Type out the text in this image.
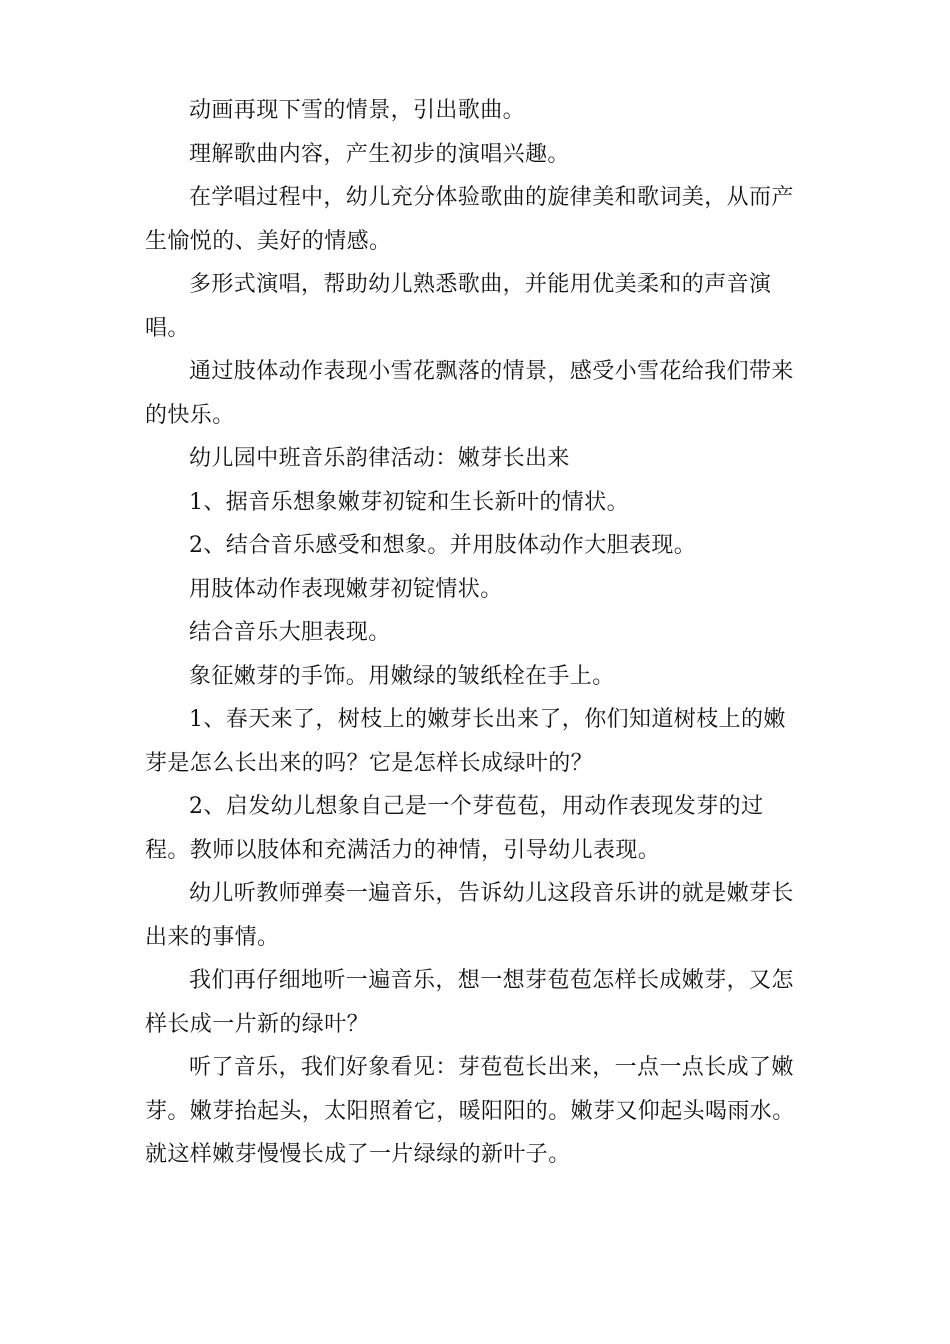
动画再现下雪的情景，引出歌曲。

理解歌曲内容，产生初步的演唱兴趣。

在学唱过程中，幼儿充分体验歌曲的旋律美和歌词美，从而产生愉悦的、美好的情感。

多形式演唱，帮助幼儿熟悉歌曲，并能用优美柔和的声音演唱。

通过肢体动作表现小雪花飘落的情景，感受小雪花给我们带来的快乐。

幼儿园中班音乐韵律活动：嫩芽长出来

1、据音乐想象嫩芽初锭和生长新叶的情状。

2、结合音乐感受和想象。并用肢体动作大胆表现。

用肢体动作表现嫩芽初锭情状。

结合音乐大胆表现。

象征嫩芽的手饰。用嫩绿的皱纸栓在手上。

1、春天来了，树枝上的嫩芽长出来了，你们知道树枝上的嫩芽是怎么长出来的吗？它是怎样长成绿叶的？

2、启发幼儿想象自己是一个芽苞苞，用动作表现发芽的过程。教师以肢体和充满活力的神情，引导幼儿表现。

幼儿听教师弹奏一遍音乐，告诉幼儿这段音乐讲的就是嫩芽长出来的事情。

我们再仔细地听一遍音乐，想一想芽苞苞怎样长成嫩芽，又怎样长成一片新的绿叶？

听了音乐，我们好象看见：芽苞苞长出来，一点一点长成了嫩芽。嫩芽抬起头，太阳照着它，暖阳阳的。嫩芽又仰起头喝雨水。就这样嫩芽慢慢长成了一片绿绿的新叶子。
